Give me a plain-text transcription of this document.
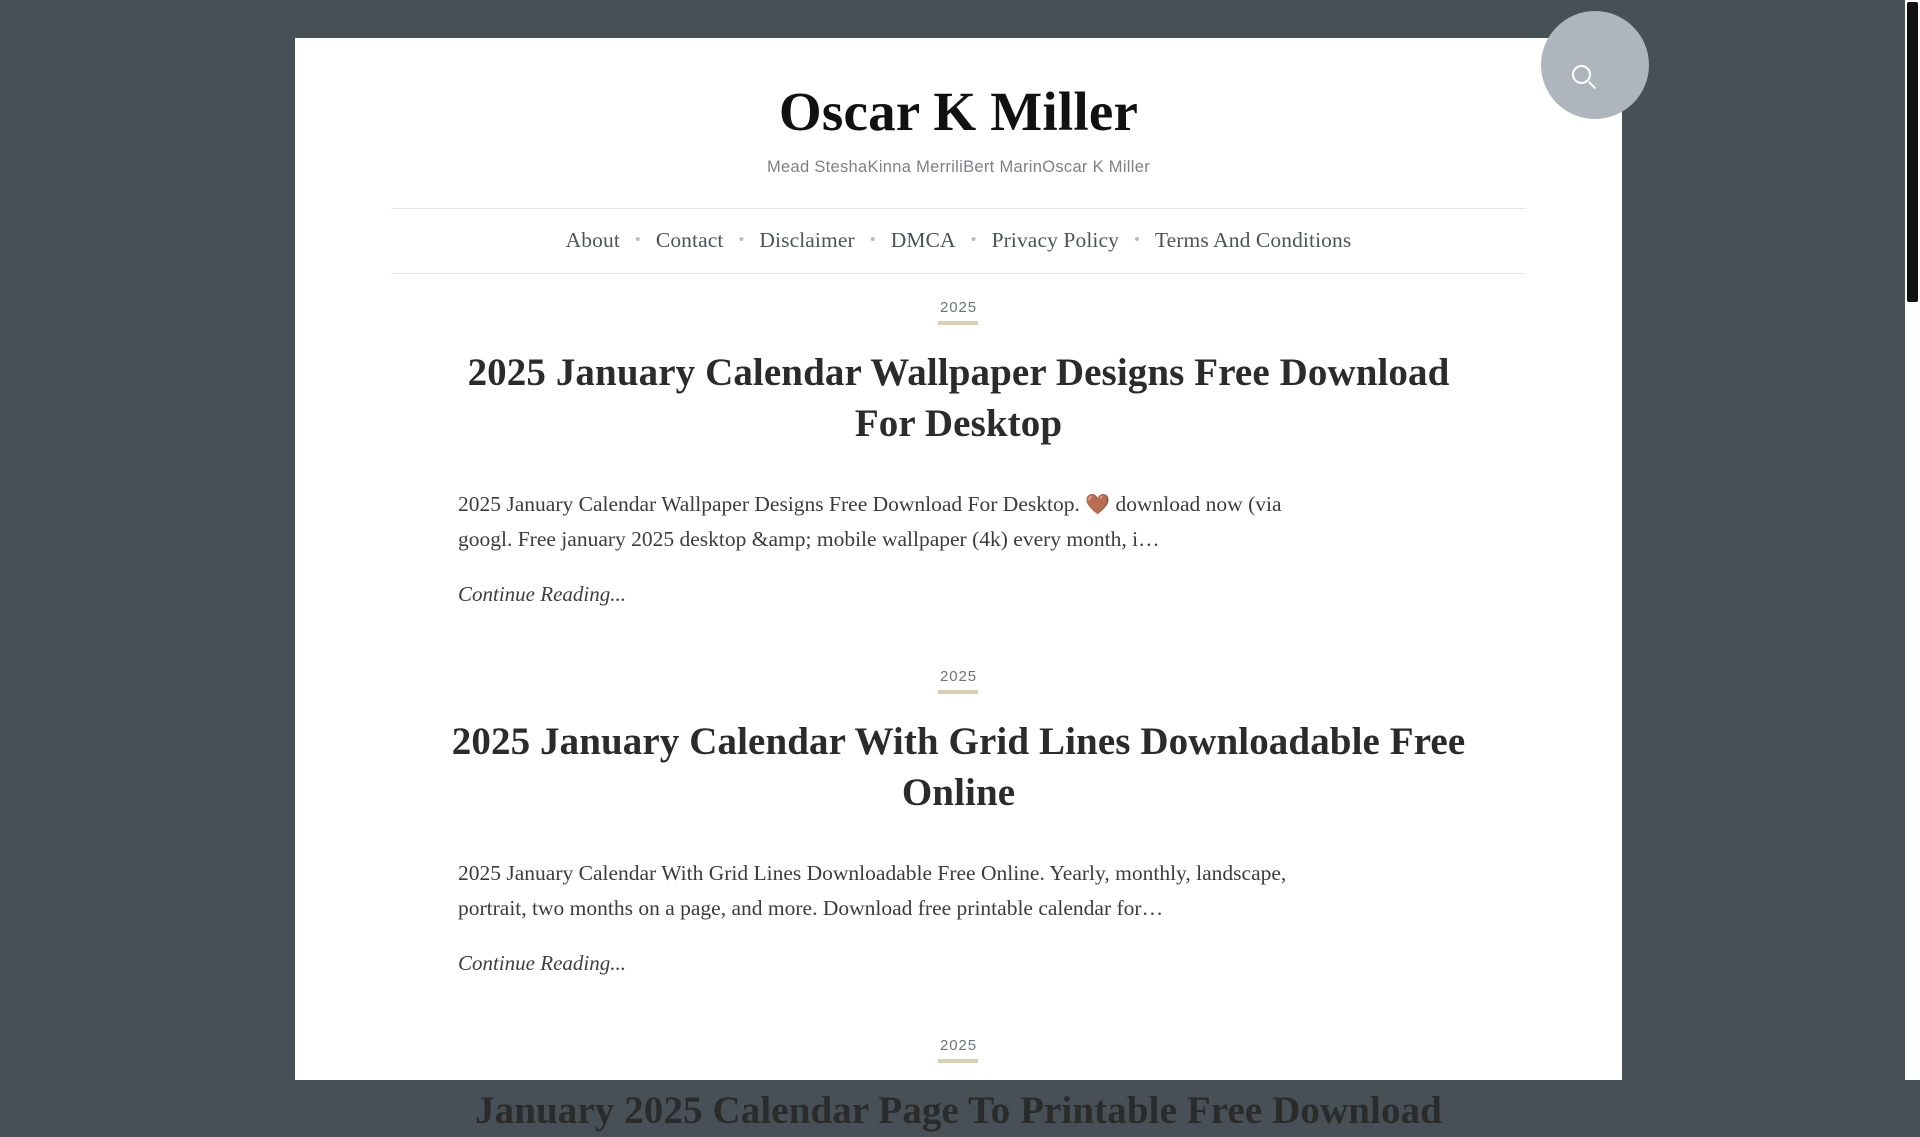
Oscar K Miller
Mead SteshaKinna MerriliBert MarinOscar K Miller
About • Contact • Disclaimer • DMCA • Privacy Policy • Terms And Conditions
2025
2025 January Calendar Wallpaper Designs Free Download For Desktop

2025 January Calendar Wallpaper Designs Free Download For Desktop. 🤎 download now (via googl. Free january 2025 desktop &amp; mobile wallpaper (4k) every month, i…

Continue Reading...
2025
2025 January Calendar With Grid Lines Downloadable Free Online

2025 January Calendar With Grid Lines Downloadable Free Online. Yearly, monthly, landscape, portrait, two months on a page, and more. Download free printable calendar for…

Continue Reading...
2025
January 2025 Calendar Page To Printable Free Download
